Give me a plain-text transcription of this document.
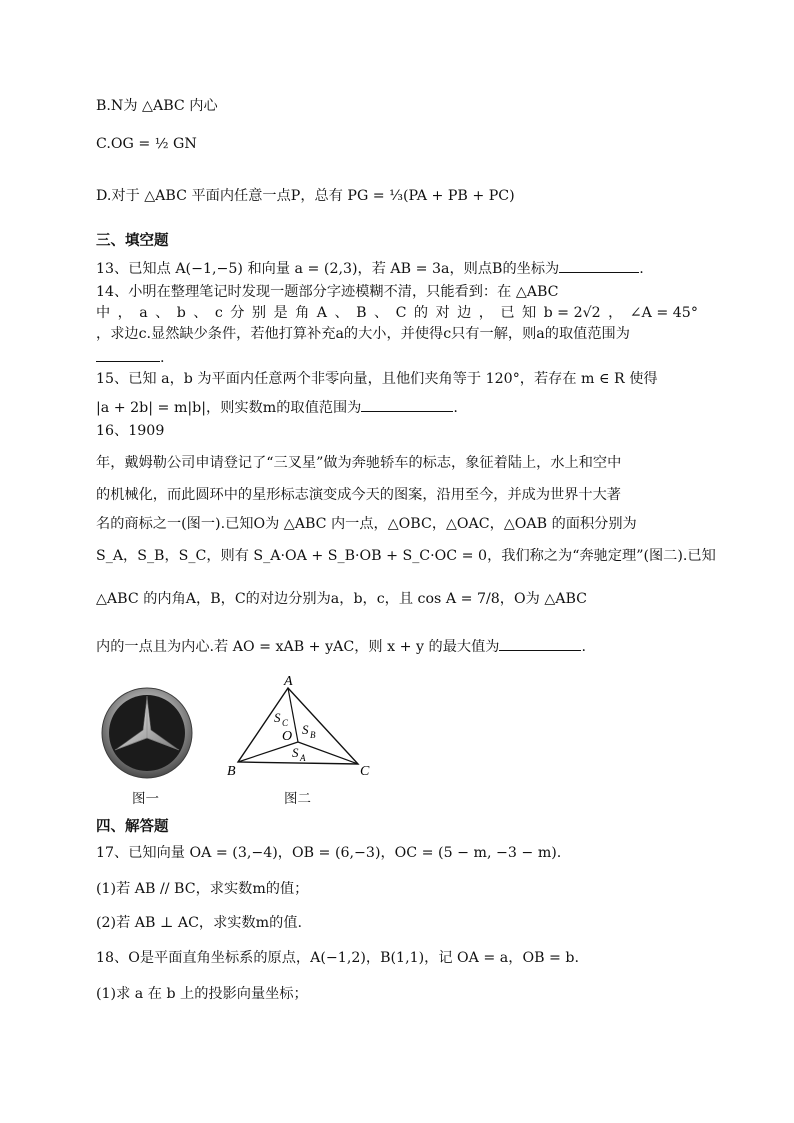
B.N为 △ABC 内心
C.OG = ½ GN
D.对于 △ABC 平面内任意一点P，总有 PG = ⅓(PA + PB + PC)
三、填空题
13、已知点 A(−1,−5) 和向量 a = (2,3)，若 AB = 3a，则点B的坐标为	.
14、小明在整理笔记时发现一题部分字迹模糊不清，只能看到：在 △ABC
中 ， a 、 b 、 c 分 别 是 角 A 、 B 、 C 的 对 边 ， 已 知 b = 2√2 ， ∠A = 45°
，求边c.显然缺少条件，若他打算补充a的大小，并使得c只有一解，则a的取值范围为
.
15、已知 a，b 为平面内任意两个非零向量，且他们夹角等于 120°，若存在 m ∈ R 使得
|a + 2b| = m|b|，则实数m的取值范围为	.
16、1909
年，戴姆勒公司申请登记了“三叉星”做为奔驰轿车的标志，象征着陆上，水上和空中
的机械化，而此圆环中的星形标志演变成今天的图案，沿用至今，并成为世界十大著
名的商标之一(图一).已知O为 △ABC 内一点，△OBC，△OAC，△OAB 的面积分别为
S_A，S_B，S_C，则有 S_A·OA + S_B·OB + S_C·OC = 0，我们称之为“奔驰定理”(图二).已知
△ABC 的内角A，B，C的对边分别为a，b，c，且 cos A = 7/8，O为 △ABC
内的一点且为内心.若 AO = xAB + yAC，则 x + y 的最大值为	.
图一
A
B	C
O
S C S B
S A
图二
四、解答题
17、已知向量 OA = (3,−4)，OB = (6,−3)，OC = (5 − m, −3 − m).
(1)若 AB // BC，求实数m的值；
(2)若 AB ⊥ AC，求实数m的值.
18、O是平面直角坐标系的原点，A(−1,2)，B(1,1)，记 OA = a，OB = b.
(1)求 a 在 b 上的投影向量坐标；
